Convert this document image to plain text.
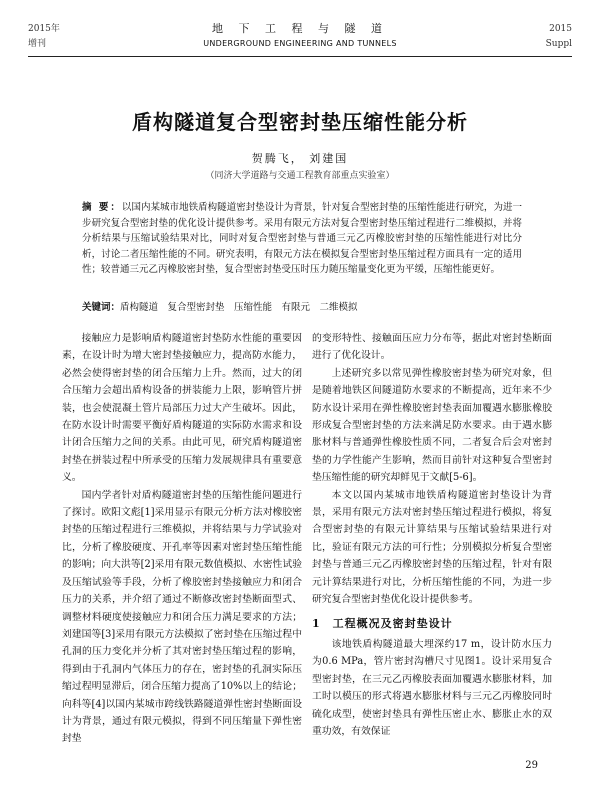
2015年
增刊
地 下 工 程 与 隧 道
UNDERGROUND ENGINEERING AND TUNNELS
2015
Suppl
盾构隧道复合型密封垫压缩性能分析
贺腾飞， 刘建国
（同济大学道路与交通工程教育部重点实验室）
摘 要：以国内某城市地铁盾构隧道密封垫设计为背景，针对复合型密封垫的压缩性能进行研究，为进一步研究复合型密封垫的优化设计提供参考。采用有限元方法对复合型密封垫压缩过程进行二维模拟，并将分析结果与压缩试验结果对比，同时对复合型密封垫与普通三元乙丙橡胶密封垫的压缩性能进行对比分析，讨论二者压缩性能的不同。研究表明，有限元方法在模拟复合型密封垫压缩过程方面具有一定的适用性；较普通三元乙丙橡胶密封垫，复合型密封垫受压时压力随压缩量变化更为平缓，压缩性能更好。
关键词：盾构隧道　复合型密封垫　压缩性能　有限元　二维模拟

接触应力是影响盾构隧道密封垫防水性能的重要因素，在设计时为增大密封垫接触应力，提高防水能力，必然会使得密封垫的闭合压缩力上升。然而，过大的闭合压缩力会超出盾构设备的拼装能力上限，影响管片拼装，也会使混凝土管片局部压力过大产生破坏。因此，在防水设计时需要平衡好盾构隧道的实际防水需求和设计闭合压缩力之间的关系。由此可见，研究盾构隧道密封垫在拼装过程中所承受的压缩力发展规律具有重要意义。

国内学者针对盾构隧道密封垫的压缩性能问题进行了探讨。欧阳文彪[1]采用显示有限元分析方法对橡胶密封垫的压缩过程进行三维模拟，并将结果与力学试验对比，分析了橡胶硬度、开孔率等因素对密封垫压缩性能的影响；向大洪等[2]采用有限元数值模拟、水密性试验及压缩试验等手段，分析了橡胶密封垫接触应力和闭合压力的关系，并介绍了通过不断修改密封垫断面型式、调整材料硬度使接触应力和闭合压力满足要求的方法；刘建国等[3]采用有限元方法模拟了密封垫在压缩过程中孔洞的压力变化并分析了其对密封垫压缩过程的影响，得到由于孔洞内气体压力的存在，密封垫的孔洞实际压缩过程明显滞后，闭合压缩力提高了10%以上的结论；向科等[4]以国内某城市跨线铁路隧道弹性密封垫断面设计为背景，通过有限元模拟，得到不同压缩量下弹性密封垫

的变形特性、接触面压应力分布等，据此对密封垫断面进行了优化设计。

上述研究多以常见弹性橡胶密封垫为研究对象，但是随着地铁区间隧道防水要求的不断提高，近年来不少防水设计采用在弹性橡胶密封垫表面加覆遇水膨胀橡胶形成复合型密封垫的方法来满足防水要求。由于遇水膨胀材料与普通弹性橡胶性质不同，二者复合后会对密封垫的力学性能产生影响，然而目前针对这种复合型密封垫压缩性能的研究却鲜见于文献[5-6]。

本文以国内某城市地铁盾构隧道密封垫设计为背景，采用有限元方法对密封垫压缩过程进行模拟，将复合型密封垫的有限元计算结果与压缩试验结果进行对比，验证有限元方法的可行性；分别模拟分析复合型密封垫与普通三元乙丙橡胶密封垫的压缩过程，针对有限元计算结果进行对比，分析压缩性能的不同，为进一步研究复合型密封垫优化设计提供参考。

1　工程概况及密封垫设计

该地铁盾构隧道最大埋深约17 m，设计防水压力为0.6 MPa，管片密封沟槽尺寸见图1。设计采用复合型密封垫，在三元乙丙橡胶表面加覆遇水膨胀材料，加工时以模压的形式将遇水膨胀材料与三元乙丙橡胶同时硫化成型，使密封垫具有弹性压密止水、膨胀止水的双重功效，有效保证

29
